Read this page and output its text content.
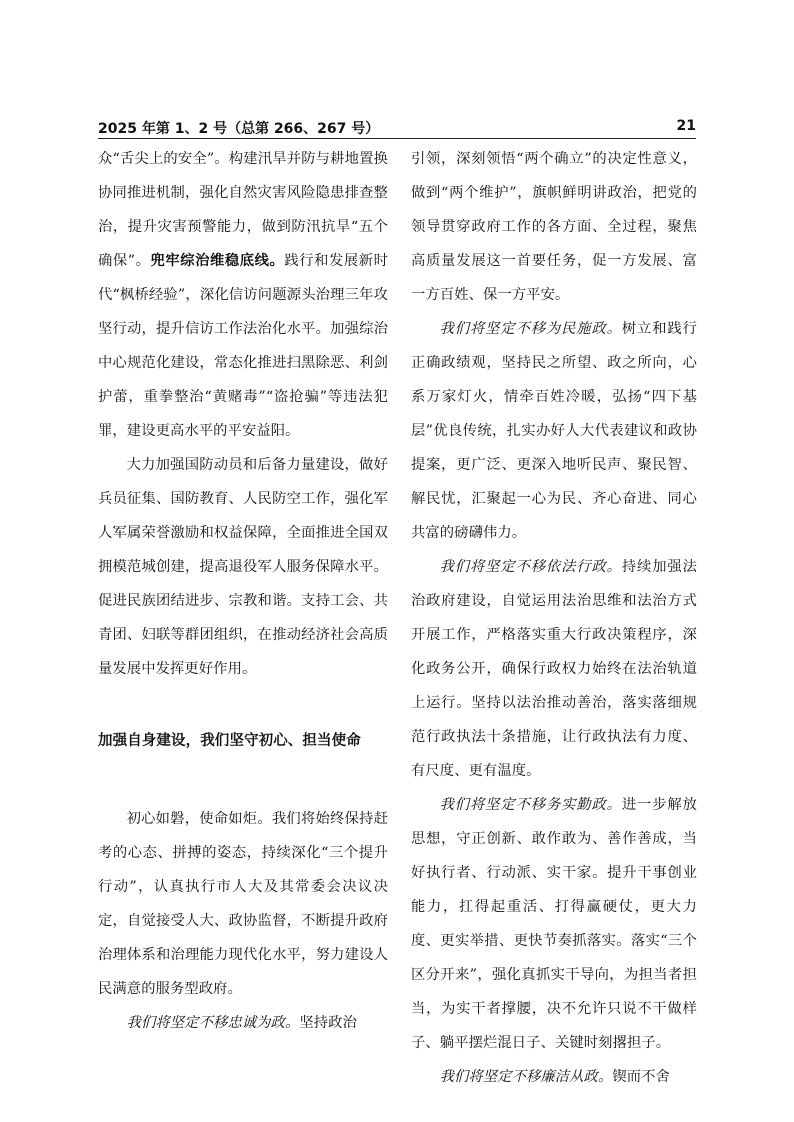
2025 年第 1、2 号（总第 266、267 号）	21

众“舌尖上的安全”。构建汛旱并防与耕地置换协同推进机制，强化自然灾害风险隐患排查整治，提升灾害预警能力，做到防汛抗旱“五个确保”。兜牢综治维稳底线。践行和发展新时代“枫桥经验”，深化信访问题源头治理三年攻坚行动，提升信访工作法治化水平。加强综治中心规范化建设，常态化推进扫黑除恶、利剑护蕾，重拳整治“黄赌毒”“盗抢骗”等违法犯罪，建设更高水平的平安益阳。

大力加强国防动员和后备力量建设，做好兵员征集、国防教育、人民防空工作，强化军人军属荣誉激励和权益保障，全面推进全国双拥模范城创建，提高退役军人服务保障水平。促进民族团结进步、宗教和谐。支持工会、共青团、妇联等群团组织，在推动经济社会高质量发展中发挥更好作用。

加强自身建设，我们坚守初心、担当使命

初心如磐，使命如炬。我们将始终保持赶考的心态、拼搏的姿态，持续深化“三个提升行动”，认真执行市人大及其常委会决议决定，自觉接受人大、政协监督，不断提升政府治理体系和治理能力现代化水平，努力建设人民满意的服务型政府。

我们将坚定不移忠诚为政。坚持政治

引领，深刻领悟“两个确立”的决定性意义，做到“两个维护”，旗帜鲜明讲政治，把党的领导贯穿政府工作的各方面、全过程，聚焦高质量发展这一首要任务，促一方发展、富一方百姓、保一方平安。

我们将坚定不移为民施政。树立和践行正确政绩观，坚持民之所望、政之所向，心系万家灯火，情牵百姓冷暖，弘扬“四下基层”优良传统，扎实办好人大代表建议和政协提案，更广泛、更深入地听民声、聚民智、解民忧，汇聚起一心为民、齐心奋进、同心共富的磅礴伟力。

我们将坚定不移依法行政。持续加强法治政府建设，自觉运用法治思维和法治方式开展工作，严格落实重大行政决策程序，深化政务公开，确保行政权力始终在法治轨道上运行。坚持以法治推动善治，落实落细规范行政执法十条措施，让行政执法有力度、有尺度、更有温度。

我们将坚定不移务实勤政。进一步解放思想，守正创新、敢作敢为、善作善成，当好执行者、行动派、实干家。提升干事创业能力，扛得起重活、打得赢硬仗，更大力度、更实举措、更快节奏抓落实。落实“三个区分开来”，强化真抓实干导向，为担当者担当，为实干者撑腰，决不允许只说不干做样子、躺平摆烂混日子、关键时刻撂担子。

我们将坚定不移廉洁从政。锲而不舍
